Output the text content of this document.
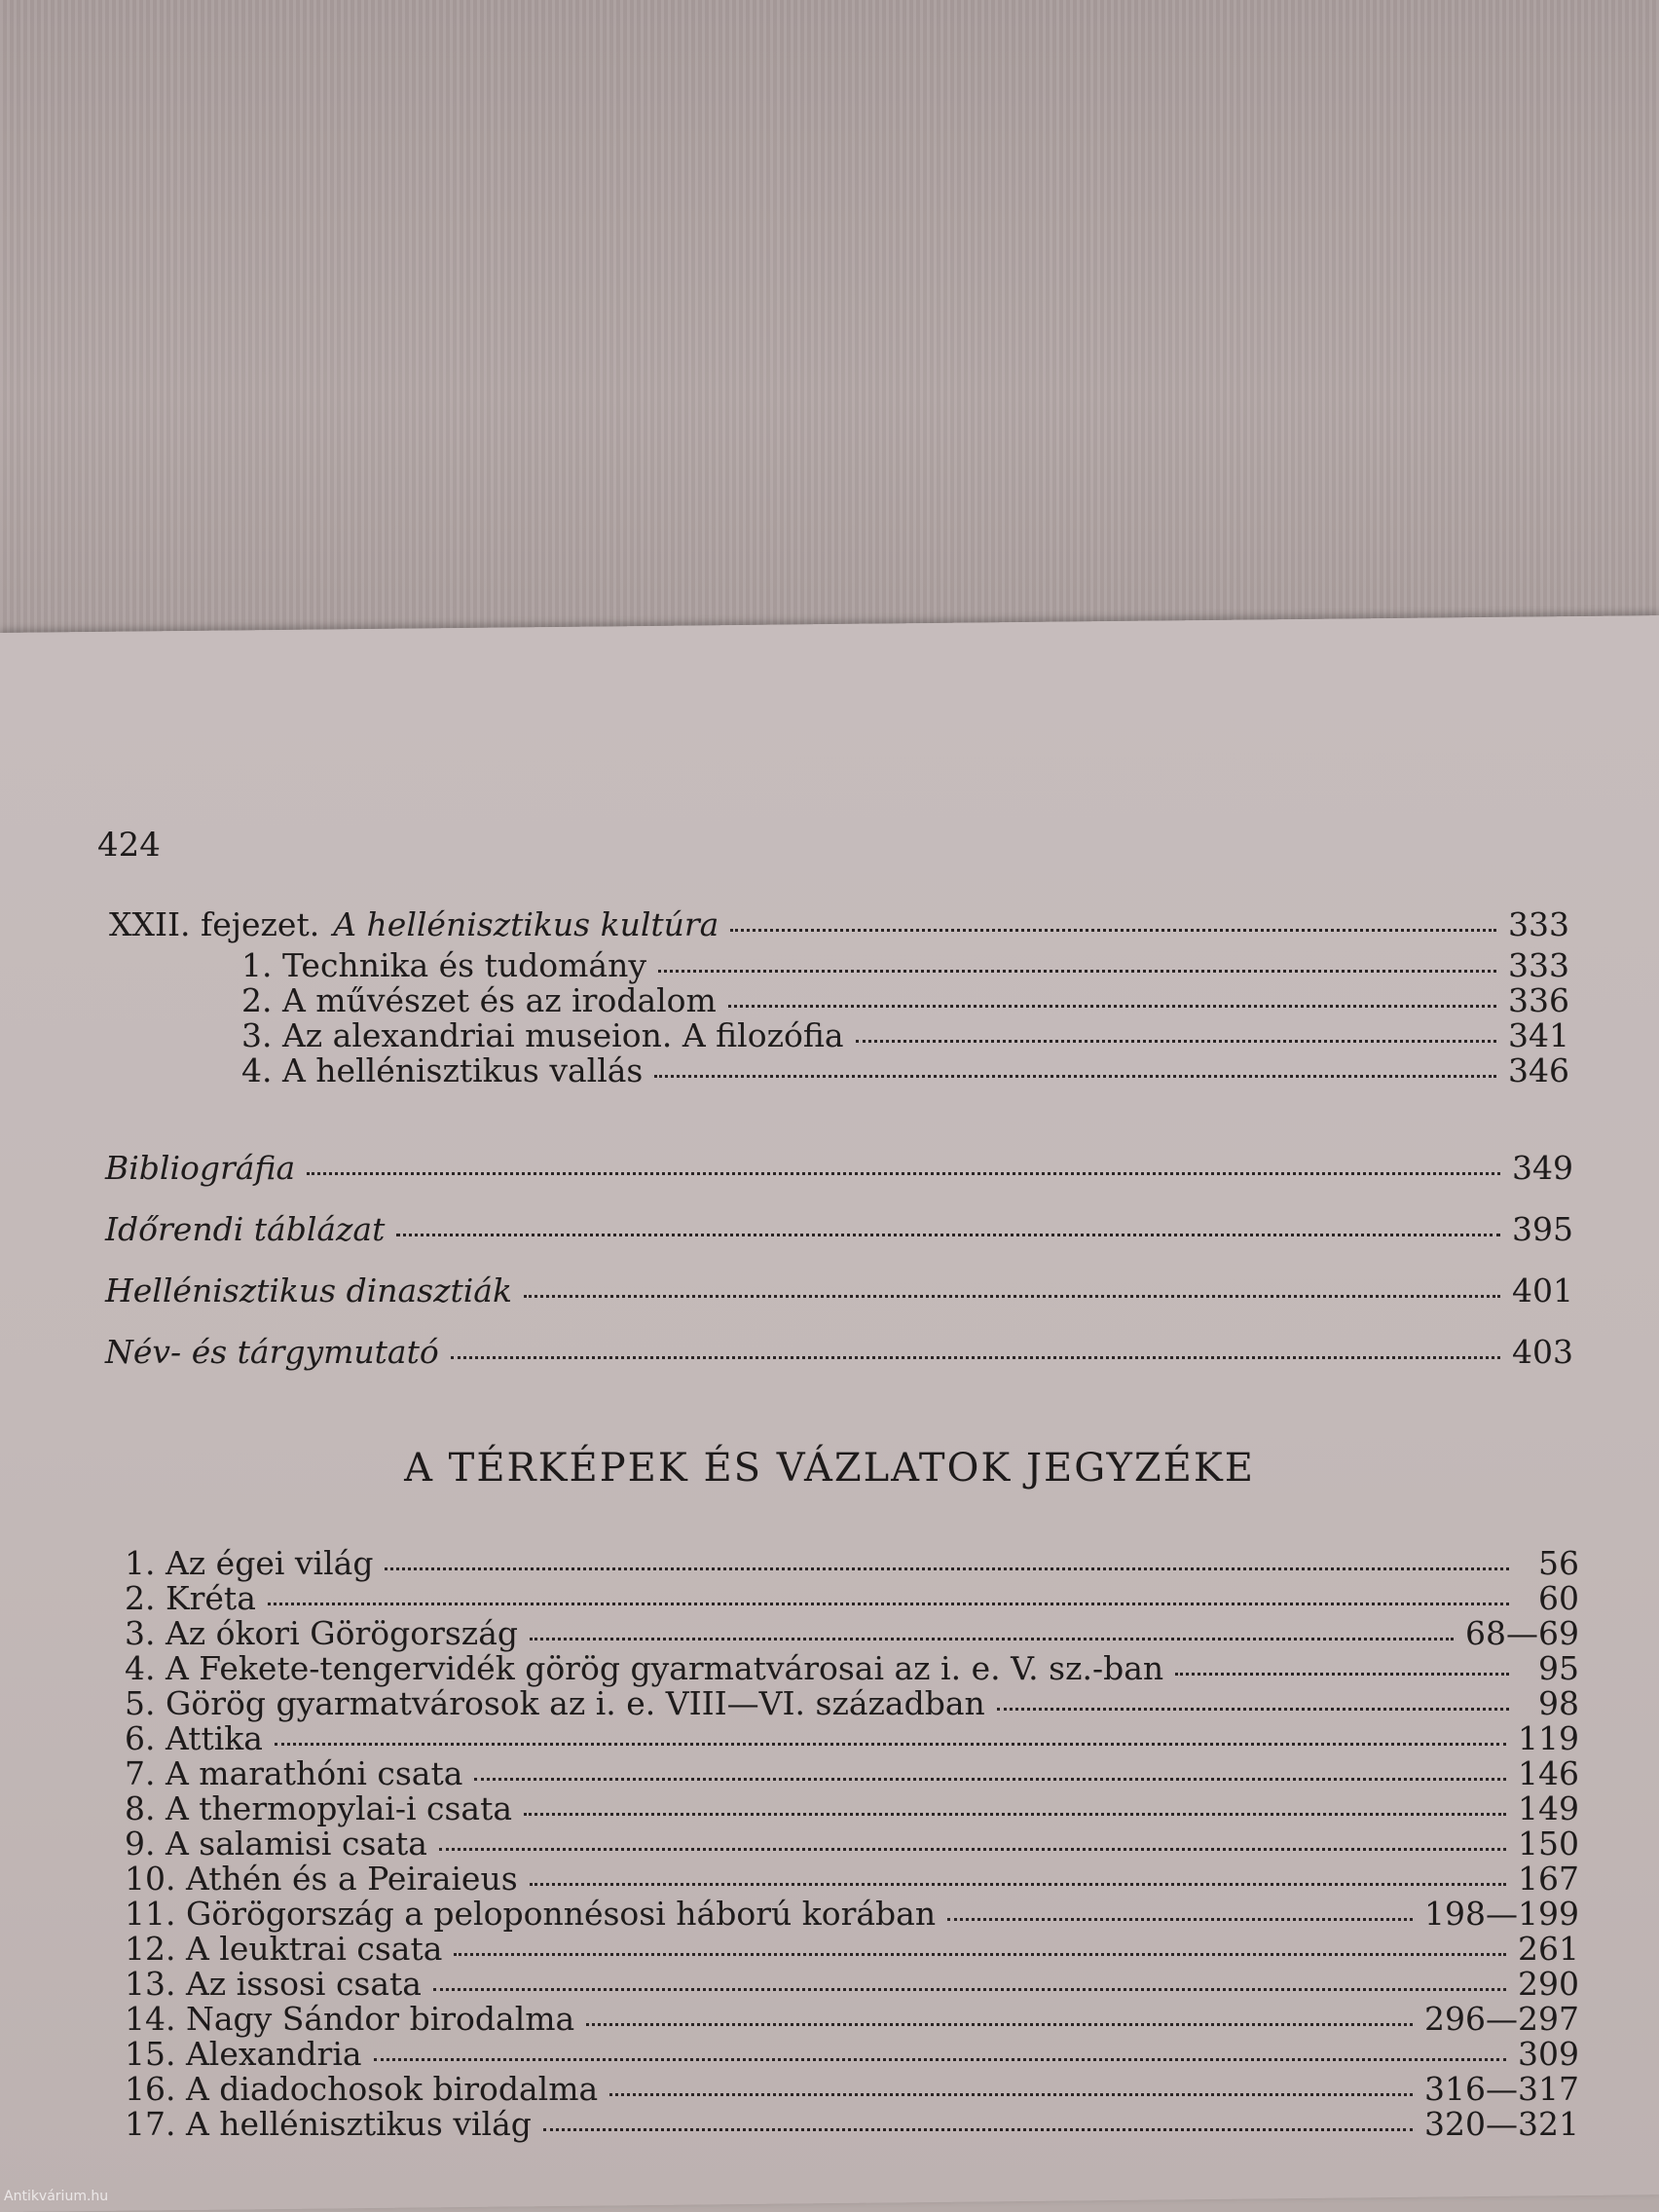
424
XXII. fejezet. A hellénisztikus kultúra	333
1. Technika és tudomány	333
2. A művészet és az irodalom	336
3. Az alexandriai museion. A filozófia	341
4. A hellénisztikus vallás	346
Bibliográfia	349
Időrendi táblázat	395
Hellénisztikus dinasztiák	401
Név- és tárgymutató	403
A TÉRKÉPEK ÉS VÁZLATOK JEGYZÉKE
1. Az égei világ	56
2. Kréta	60
3. Az ókori Görögország	68—69
4. A Fekete-tengervidék görög gyarmatvárosai az i. e. V. sz.-ban	95
5. Görög gyarmatvárosok az i. e. VIII—VI. században	98
6. Attika	119
7. A marathóni csata	146
8. A thermopylai-i csata	149
9. A salamisi csata	150
10. Athén és a Peiraieus	167
11. Görögország a peloponnésosi háború korában	198—199
12. A leuktrai csata	261
13. Az issosi csata	290
14. Nagy Sándor birodalma	296—297
15. Alexandria	309
16. A diadochosok birodalma	316—317
17. A hellénisztikus világ	320—321
Antikvárium.hu
